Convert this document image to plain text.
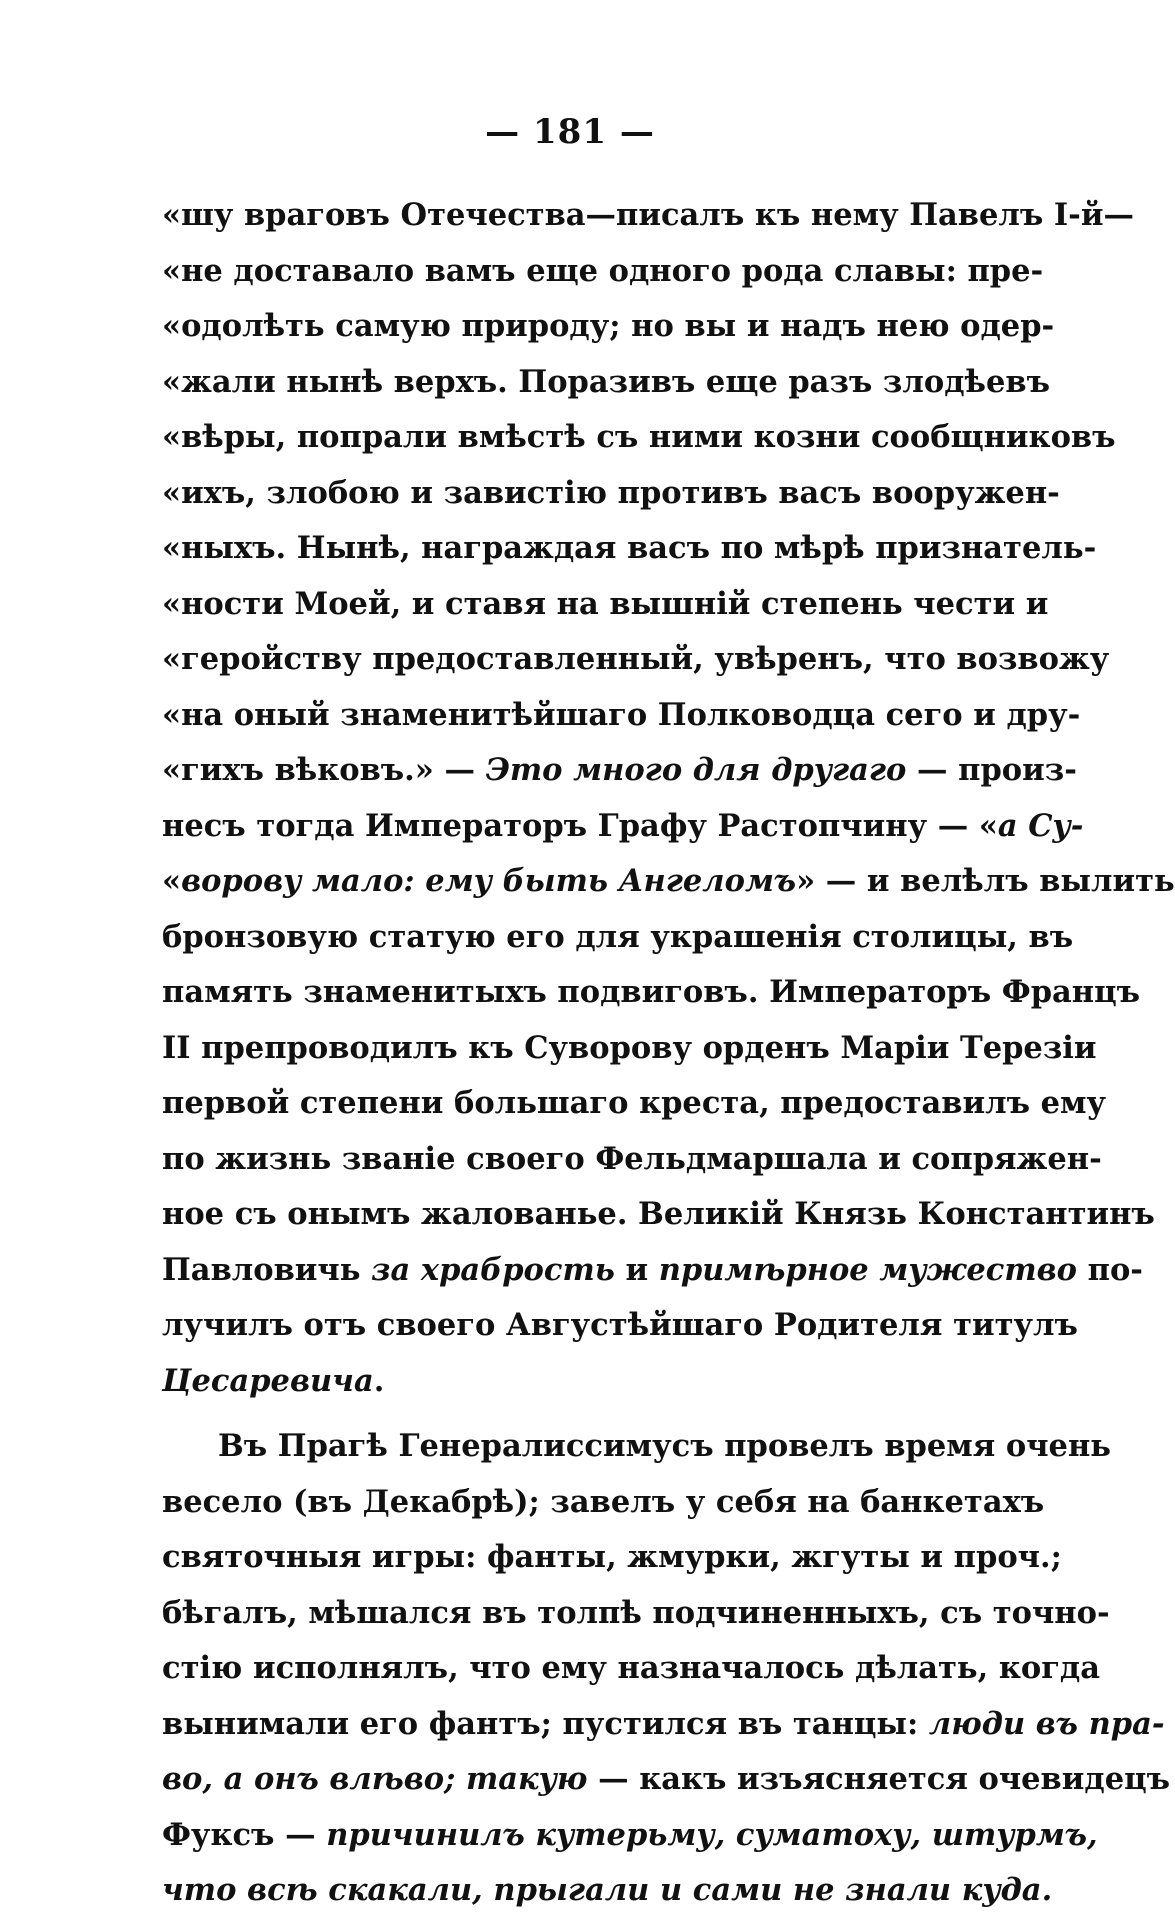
— 181 —
«шу враговъ Отечества—писалъ къ нему Павелъ I-й—
«не доставало вамъ еще одного рода славы: пре-
«одолѣть самую природу; но вы и надъ нею одер-
«жали нынѣ верхъ. Поразивъ еще разъ злодѣевъ
«вѣры, попрали вмѣстѣ съ ними козни сообщниковъ
«ихъ, злобою и завистію противъ васъ вооружен-
«ныхъ. Нынѣ, награждая васъ по мѣрѣ признатель-
«ности Моей, и ставя на вышній степень чести и
«геройству предоставленный, увѣренъ, что возвожу
«на оный знаменитѣйшаго Полководца сего и дру-
«гихъ вѣковъ.» — Это много для другаго — произ-
несъ тогда Императоръ Графу Растопчину — «а Су-
«ворову мало: ему быть Ангеломъ» — и велѣлъ вылить
бронзовую статую его для украшенія столицы, въ
память знаменитыхъ подвиговъ. Императоръ Францъ
II препроводилъ къ Суворову орденъ Маріи Терезіи
первой степени большаго креста, предоставилъ ему
по жизнь званіе своего Фельдмаршала и сопряжен-
ное съ онымъ жалованье. Великій Князь Константинъ
Павловичь за храбрость и примѣрное мужество по-
лучилъ отъ своего Августѣйшаго Родителя титулъ
Цесаревича.
Въ Прагѣ Генералиссимусъ провелъ время очень
весело (въ Декабрѣ); завелъ у себя на банкетахъ
святочныя игры: фанты, жмурки, жгуты и проч.;
бѣгалъ, мѣшался въ толпѣ подчиненныхъ, съ точно-
стію исполнялъ, что ему назначалось дѣлать, когда
вынимали его фантъ; пустился въ танцы: люди въ пра-
во, а онъ влѣво; такую — какъ изъясняется очевидецъ
Фуксъ — причинилъ кутерьму, суматоху, штурмъ,
что всѣ скакали, прыгали и сами не знали куда.
